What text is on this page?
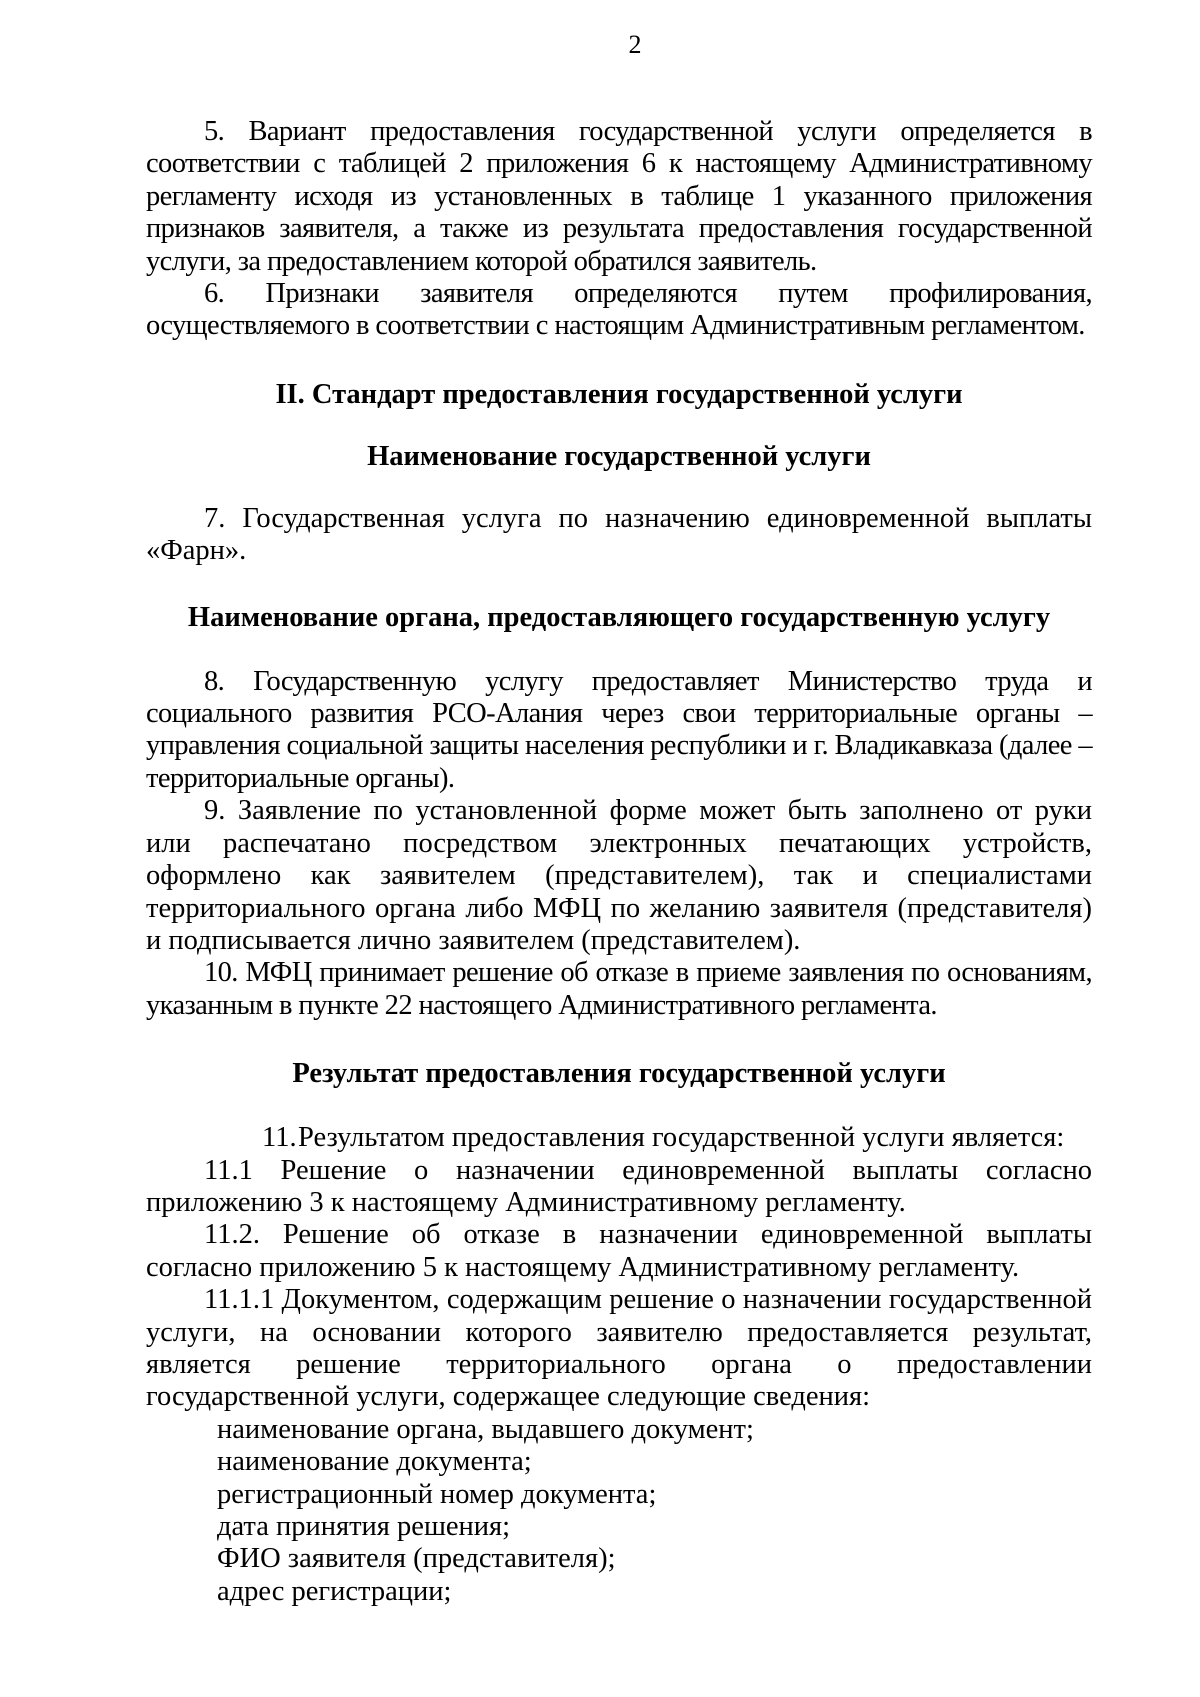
2

5. Вариант предоставления государственной услуги определяется в соответствии с таблицей 2 приложения 6 к настоящему Административному регламенту исходя из установленных в таблице 1 указанного приложения признаков заявителя, а также из результата предоставления государственной услуги, за предоставлением которой обратился заявитель.

6. Признаки заявителя определяются путем профилирования, осуществляемого в соответствии с настоящим Административным регламентом.

II. Стандарт предоставления государственной услуги
Наименование государственной услуги

7. Государственная услуга по назначению единовременной выплаты «Фарн».

Наименование органа, предоставляющего государственную услугу

8. Государственную услугу предоставляет Министерство труда и социального развития РСО-Алания через свои территориальные органы – управления социальной защиты населения республики и г. Владикавказа (далее – территориальные органы).

9. Заявление по установленной форме может быть заполнено от руки или распечатано посредством электронных печатающих устройств, оформлено как заявителем (представителем), так и специалистами территориального органа либо МФЦ по желанию заявителя (представителя) и подписывается лично заявителем (представителем).

10. МФЦ принимает решение об отказе в приеме заявления по основаниям, указанным в пункте 22 настоящего Административного регламента.

Результат предоставления государственной услуги

11.Результатом предоставления государственной услуги является:

11.1 Решение о назначении единовременной выплаты согласно приложению 3 к настоящему Административному регламенту.

11.2. Решение об отказе в назначении единовременной выплаты согласно приложению 5 к настоящему Административному регламенту.

11.1.1 Документом, содержащим решение о назначении государственной услуги, на основании которого заявителю предоставляется результат, является решение территориального органа о предоставлении государственной услуги, содержащее следующие сведения:

наименование органа, выдавшего документ;
наименование документа;
регистрационный номер документа;
дата принятия решения;
ФИО заявителя (представителя);
адрес регистрации;
